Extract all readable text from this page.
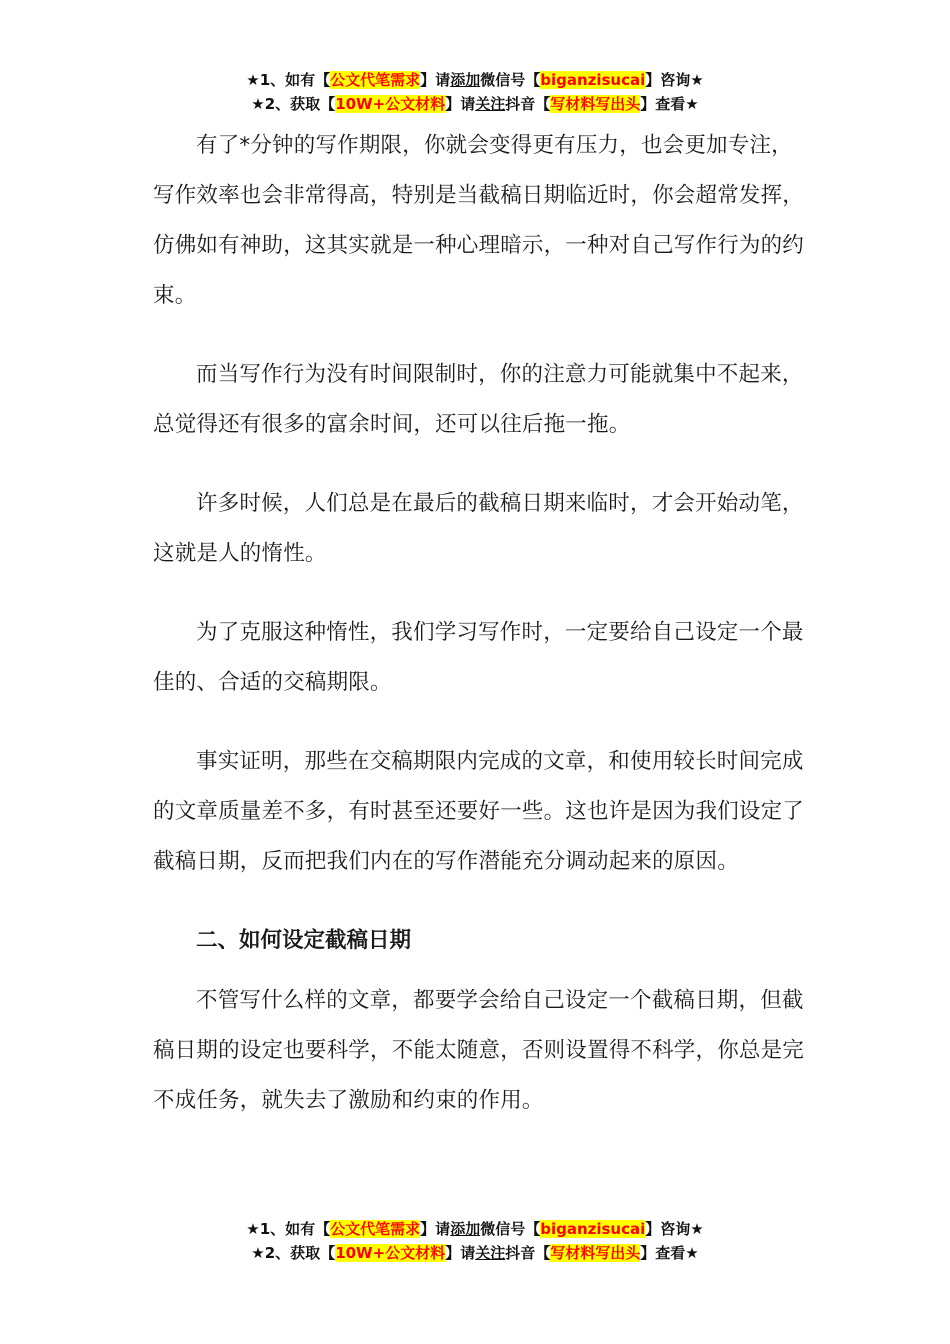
★1、如有【公文代笔需求】请添加微信号【biganzisucai】咨询★
★2、获取【10W+公文材料】请关注抖音【写材料写出头】查看★

有了*分钟的写作期限，你就会变得更有压力，也会更加专注，写作效率也会非常得高，特别是当截稿日期临近时，你会超常发挥，仿佛如有神助，这其实就是一种心理暗示，一种对自己写作行为的约束。

而当写作行为没有时间限制时，你的注意力可能就集中不起来，总觉得还有很多的富余时间，还可以往后拖一拖。

许多时候，人们总是在最后的截稿日期来临时，才会开始动笔，这就是人的惰性。

为了克服这种惰性，我们学习写作时，一定要给自己设定一个最佳的、合适的交稿期限。

事实证明，那些在交稿期限内完成的文章，和使用较长时间完成的文章质量差不多，有时甚至还要好一些。这也许是因为我们设定了截稿日期，反而把我们内在的写作潜能充分调动起来的原因。

二、如何设定截稿日期

不管写什么样的文章，都要学会给自己设定一个截稿日期，但截稿日期的设定也要科学，不能太随意，否则设置得不科学，你总是完不成任务，就失去了激励和约束的作用。

★1、如有【公文代笔需求】请添加微信号【biganzisucai】咨询★
★2、获取【10W+公文材料】请关注抖音【写材料写出头】查看★
